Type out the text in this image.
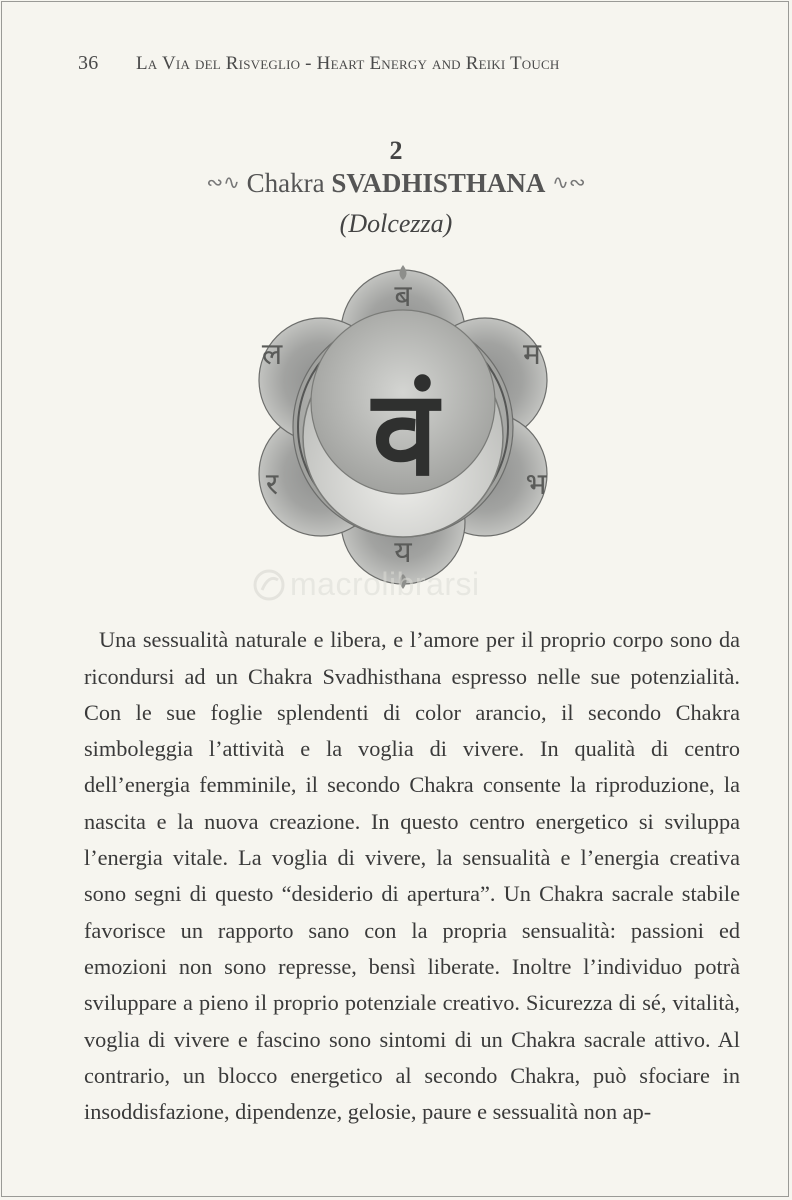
36 La Via del Risveglio - Heart Energy and Reiki Touch
2
∾∿ Chakra SVADHISTHANA ∿∾
(Dolcezza)
ब
म
भ
य
र
ल
वं
macrolibrarsi

Una sessualità naturale e libera, e l’amore per il proprio corpo sono da ricondursi ad un Chakra Svadhisthana espresso nelle sue potenzialità. Con le sue foglie splendenti di color arancio, il secondo Chakra simboleggia l’attività e la voglia di vivere. In qualità di centro dell’energia femminile, il secondo Chakra consente la riproduzione, la nascita e la nuova creazione. In questo centro energetico si sviluppa l’energia vitale. La voglia di vivere, la sensualità e l’energia creativa sono segni di questo “desiderio di apertura”. Un Chakra sacrale stabile favorisce un rapporto sano con la propria sensualità: passioni ed emozioni non sono represse, bensì liberate. Inoltre l’individuo potrà sviluppare a pieno il proprio potenziale creativo. Sicurezza di sé, vitalità, voglia di vivere e fascino sono sintomi di un Chakra sacrale attivo. Al contrario, un blocco energetico al secondo Chakra, può sfociare in insoddisfazione, dipendenze, gelosie, paure e sessualità non ap-
